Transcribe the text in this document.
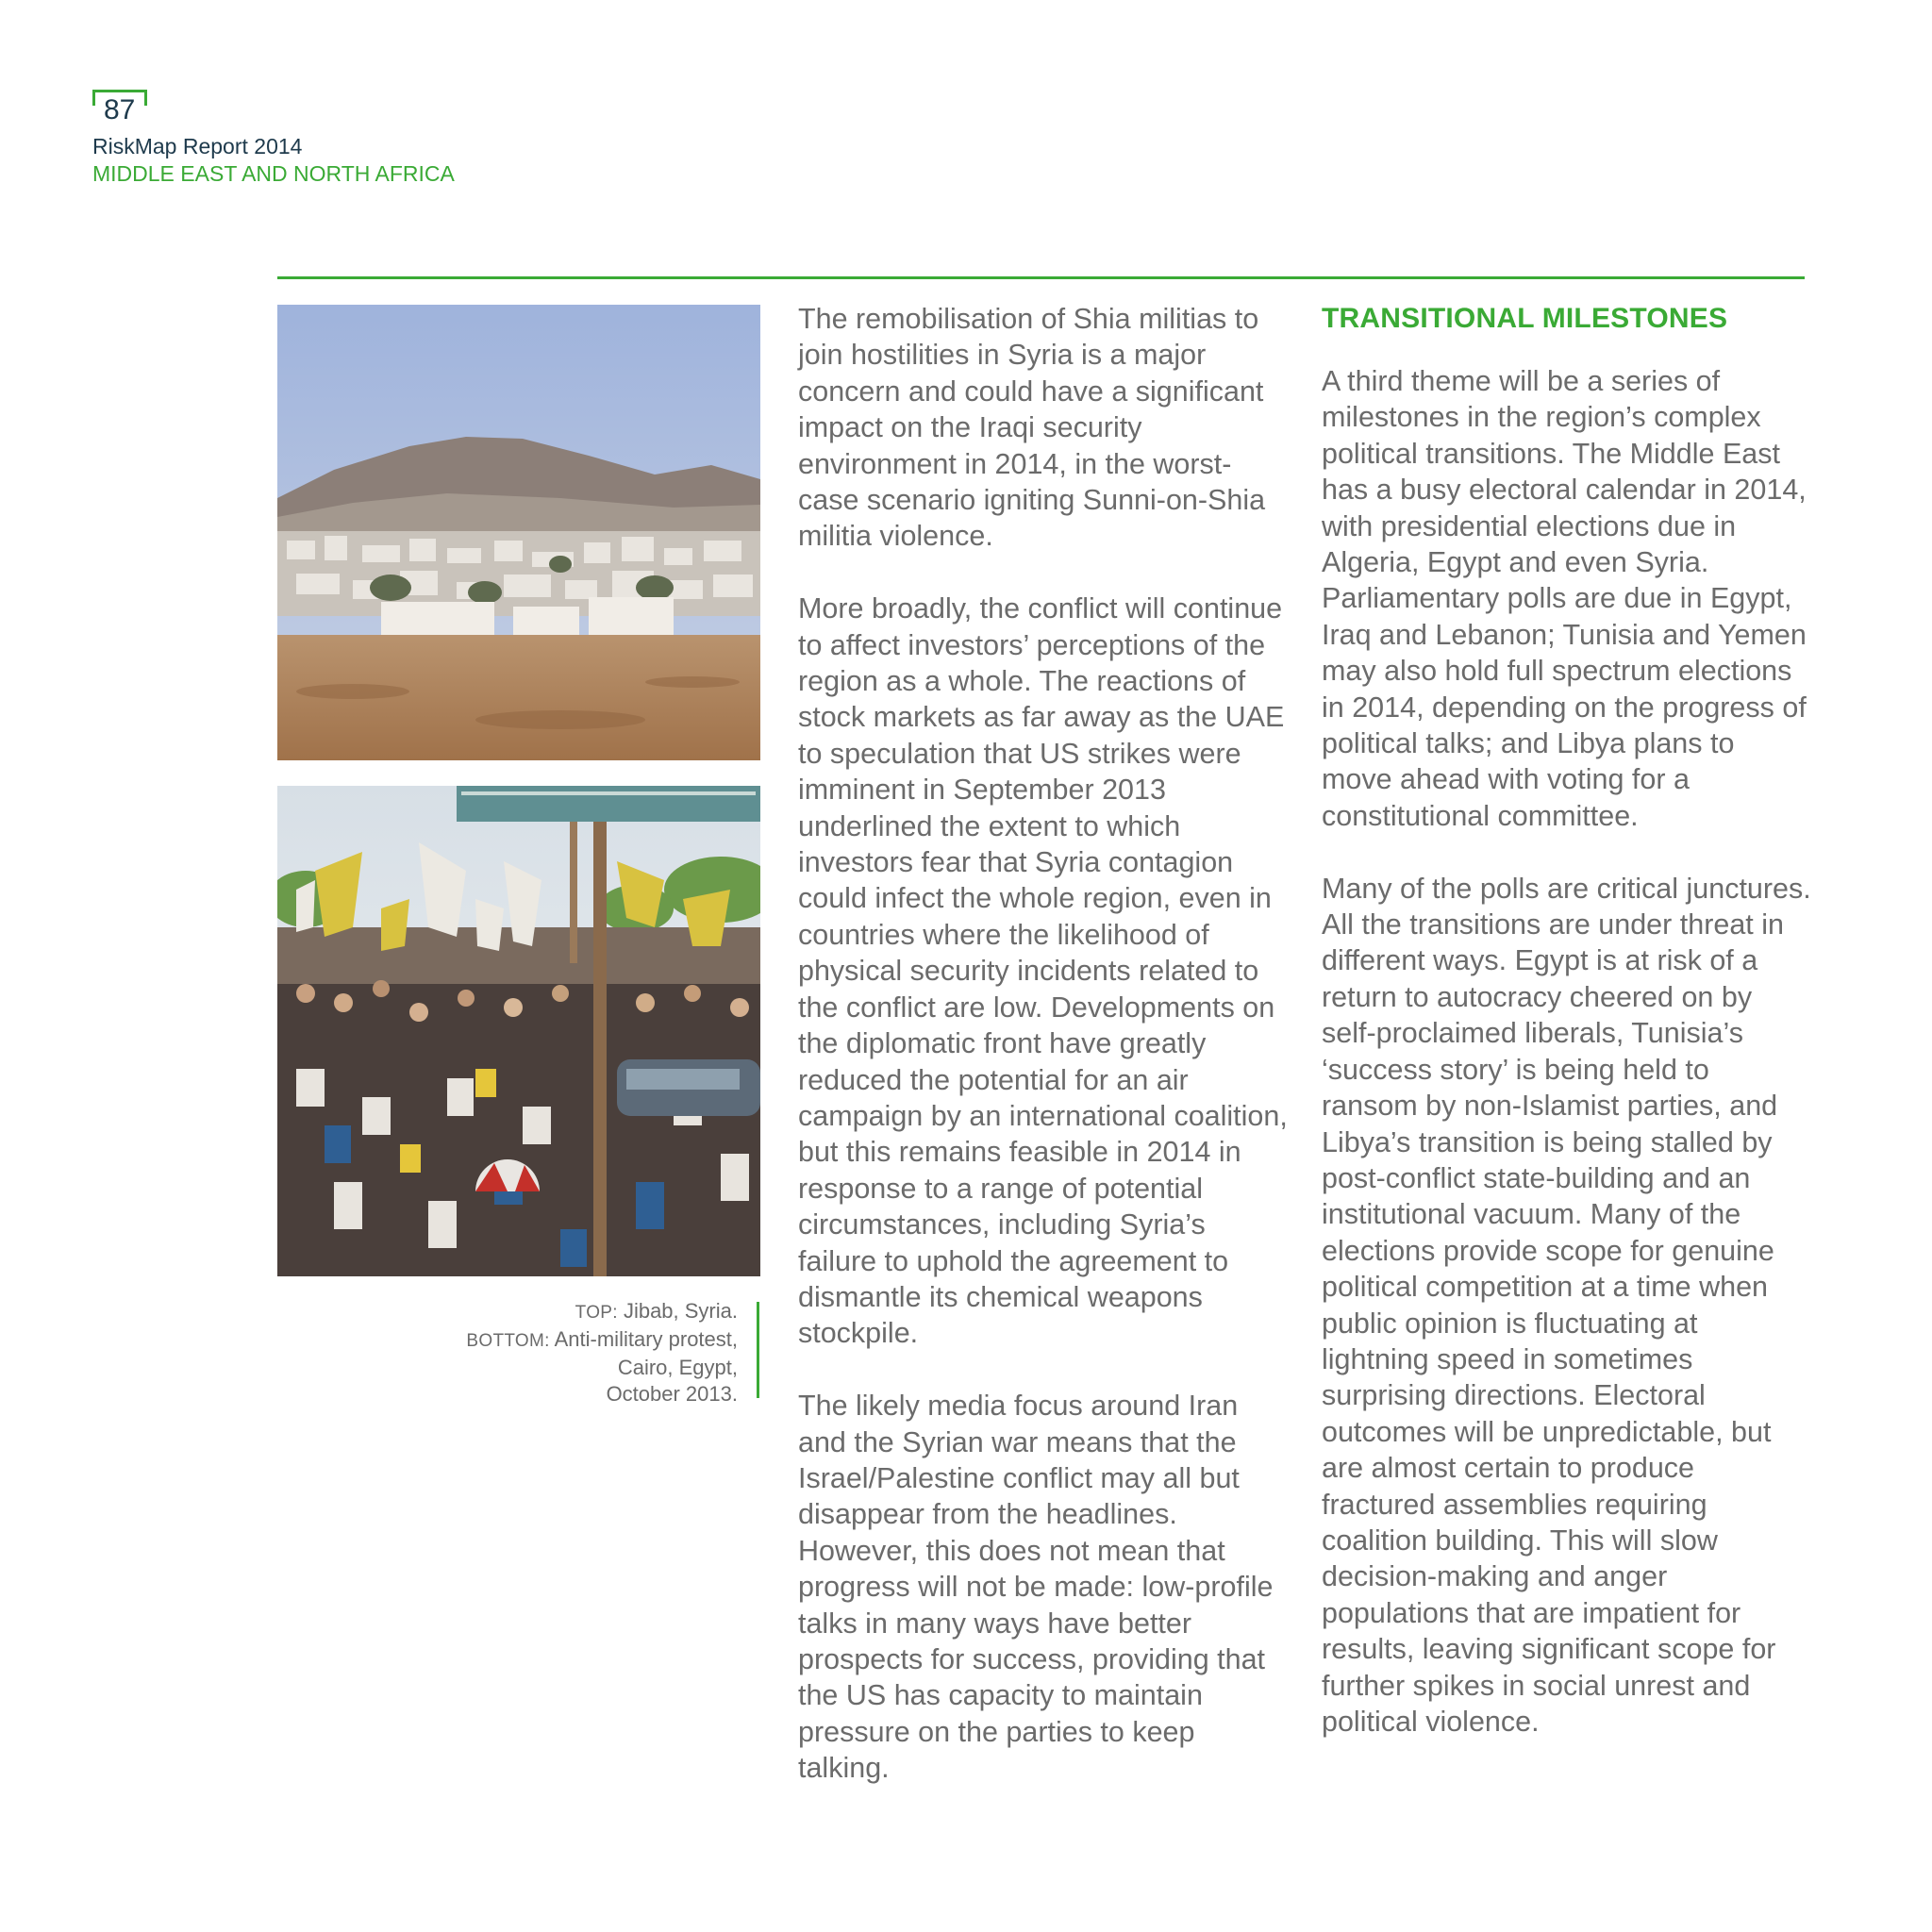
87
RiskMap Report 2014
MIDDLE EAST AND NORTH AFRICA
TOP: Jibab, Syria.
BOTTOM: Anti-military protest,
Cairo, Egypt,
October 2013.

The remobilisation of Shia militias to join hostilities in Syria is a major concern and could have a significant impact on the Iraqi security environment in 2014, in the worst-case scenario igniting Sunni-on-Shia militia violence.

More broadly, the conflict will continue to affect investors’ perceptions of the region as a whole. The reactions of stock markets as far away as the UAE to speculation that US strikes were imminent in September 2013 underlined the extent to which investors fear that Syria contagion could infect the whole region, even in countries where the likelihood of physical security incidents related to the conflict are low. Developments on the diplomatic front have greatly reduced the potential for an air campaign by an international coalition, but this remains feasible in 2014 in response to a range of potential circumstances, including Syria’s failure to uphold the agreement to dismantle its chemical weapons stockpile.

The likely media focus around Iran and the Syrian war means that the Israel/Palestine conflict may all but disappear from the headlines. However, this does not mean that progress will not be made: low-profile talks in many ways have better prospects for success, providing that the US has capacity to maintain pressure on the parties to keep talking.

TRANSITIONAL MILESTONES

A third theme will be a series of milestones in the region’s complex political transitions. The Middle East has a busy electoral calendar in 2014, with presidential elections due in Algeria, Egypt and even Syria. Parliamentary polls are due in Egypt, Iraq and Lebanon; Tunisia and Yemen may also hold full spectrum elections in 2014, depending on the progress of political talks; and Libya plans to move ahead with voting for a constitutional committee.

Many of the polls are critical junctures. All the transitions are under threat in different ways. Egypt is at risk of a return to autocracy cheered on by self-proclaimed liberals, Tunisia’s ‘success story’ is being held to ransom by non-Islamist parties, and Libya’s transition is being stalled by post-conflict state-building and an institutional vacuum. Many of the elections provide scope for genuine political competition at a time when public opinion is fluctuating at lightning speed in sometimes surprising directions. Electoral outcomes will be unpredictable, but are almost certain to produce fractured assemblies requiring coalition building. This will slow decision-making and anger populations that are impatient for results, leaving significant scope for further spikes in social unrest and political violence.
